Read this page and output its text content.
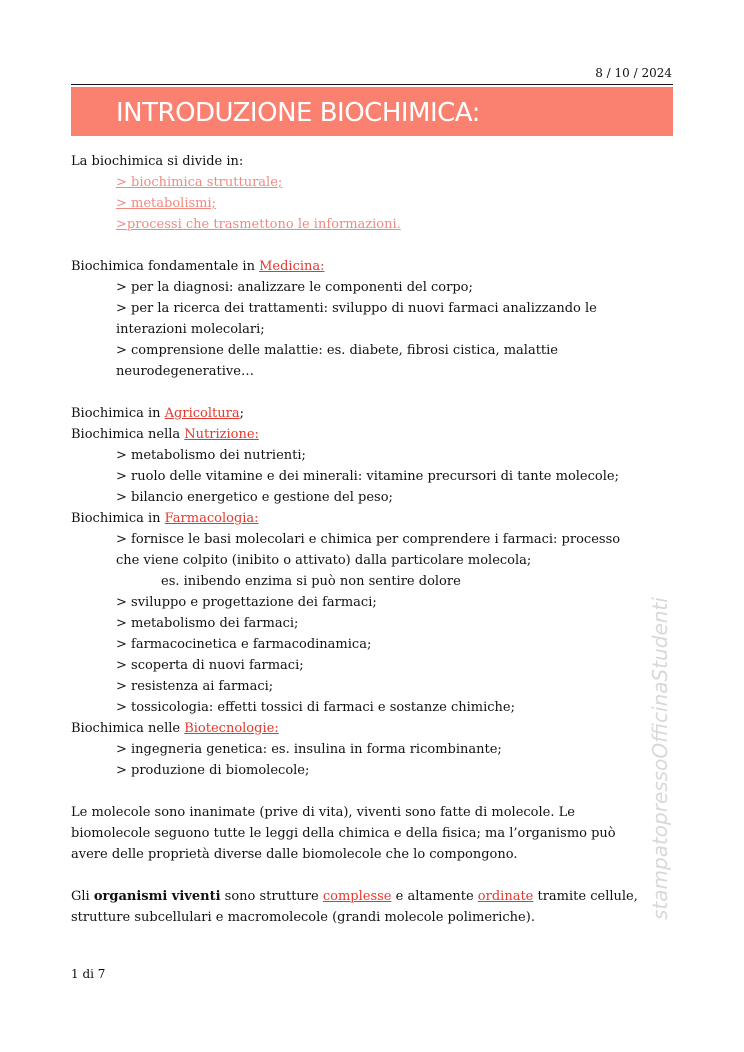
8 / 10 / 2024
INTRODUZIONE BIOCHIMICA:
La biochimica si divide in:
> biochimica strutturale;
> metabolismi;
>processi che trasmettono le informazioni.
Biochimica fondamentale in Medicina:
> per la diagnosi: analizzare le componenti del corpo;
> per la ricerca dei trattamenti: sviluppo di nuovi farmaci analizzando le
interazioni molecolari;
> comprensione delle malattie: es. diabete, fibrosi cistica, malattie
neurodegenerative…
Biochimica in Agricoltura;
Biochimica nella Nutrizione:
> metabolismo dei nutrienti;
> ruolo delle vitamine e dei minerali: vitamine precursori di tante molecole;
> bilancio energetico e gestione del peso;
Biochimica in Farmacologia:
> fornisce le basi molecolari e chimica per comprendere i farmaci: processo
che viene colpito (inibito o attivato) dalla particolare molecola;
es. inibendo enzima si può non sentire dolore
> sviluppo e progettazione dei farmaci;
> metabolismo dei farmaci;
> farmacocinetica e farmacodinamica;
> scoperta di nuovi farmaci;
> resistenza ai farmaci;
> tossicologia: effetti tossici di farmaci e sostanze chimiche;
Biochimica nelle Biotecnologie:
> ingegneria genetica: es. insulina in forma ricombinante;
> produzione di biomolecole;
Le molecole sono inanimate (prive di vita), viventi sono fatte di molecole. Le
biomolecole seguono tutte le leggi della chimica e della fisica; ma l’organismo può
avere delle proprietà diverse dalle biomolecole che lo compongono.
Gli organismi viventi sono strutture complesse e altamente ordinate tramite cellule,
strutture subcellulari e macromolecole (grandi molecole polimeriche).	stampatopressoOfficinaStudenti
1 di 7
